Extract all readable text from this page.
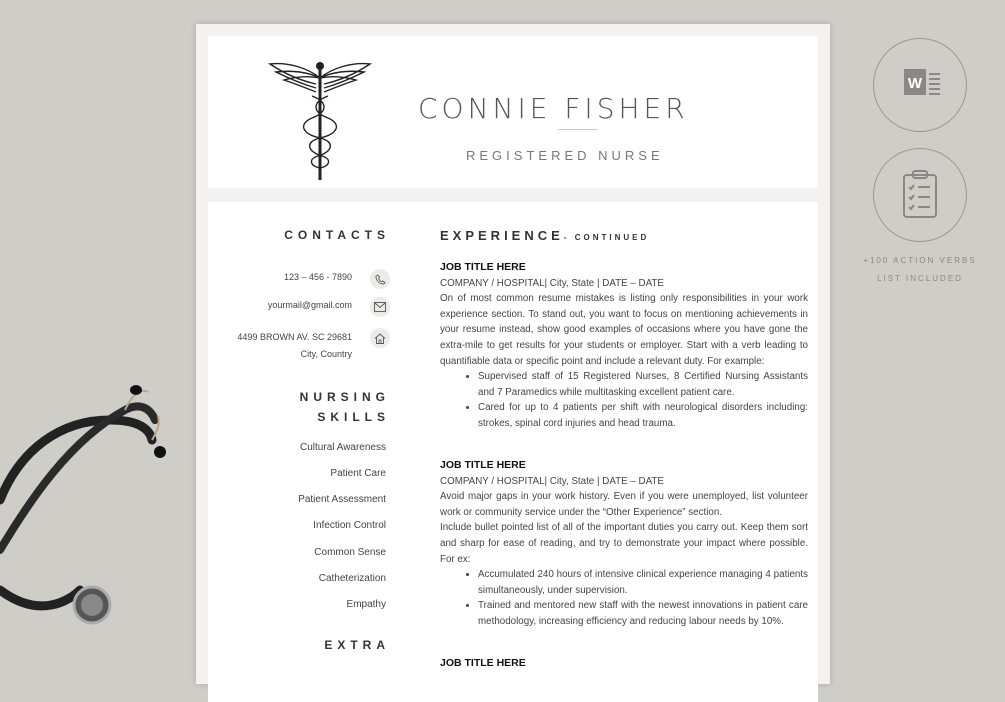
CONNIE FISHER
REGISTERED NURSE
CONTACTS
123 – 456 - 7890
yourmail@gmail.com
4499 BROWN AV. SC 29681
City, Country
NURSING
SKILLS
Cultural Awareness
Patient Care
Patient Assessment
Infection Control
Common Sense
Catheterization
Empathy
EXTRA
EXPERIENCE- CONTINUED
JOB TITLE HERE
COMPANY / HOSPITAL| City, State | DATE – DATE

On of most common resume mistakes is listing only responsibilities in your work experience section. To stand out, you want to focus on mentioning achievements in your resume instead, show good examples of occasions where you have gone the extra-mile to get results for your students or employer. Start with a verb leading to quantifiable data or specific point and include a relevant duty. For example:

• Supervised staff of 15 Registered Nurses, 8 Certified Nursing Assistants and 7 Paramedics while multitasking excellent patient care.
• Cared for up to 4 patients per shift with neurological disorders including: strokes, spinal cord injuries and head trauma.
JOB TITLE HERE
COMPANY / HOSPITAL| City, State | DATE – DATE

Avoid major gaps in your work history. Even if you were unemployed, list volunteer work or community service under the “Other Experience” section.

Include bullet pointed list of all of the important duties you carry out. Keep them sort and sharp for ease of reading, and try to demonstrate your impact where possible. For ex:

• Accumulated 240 hours of intensive clinical experience managing 4 patients simultaneously, under supervision.
• Trained and mentored new staff with the newest innovations in patient care methodology, increasing efficiency and reducing labour needs by 10%.
JOB TITLE HERE
W
+100 ACTION VERBS
LIST INCLUDED
